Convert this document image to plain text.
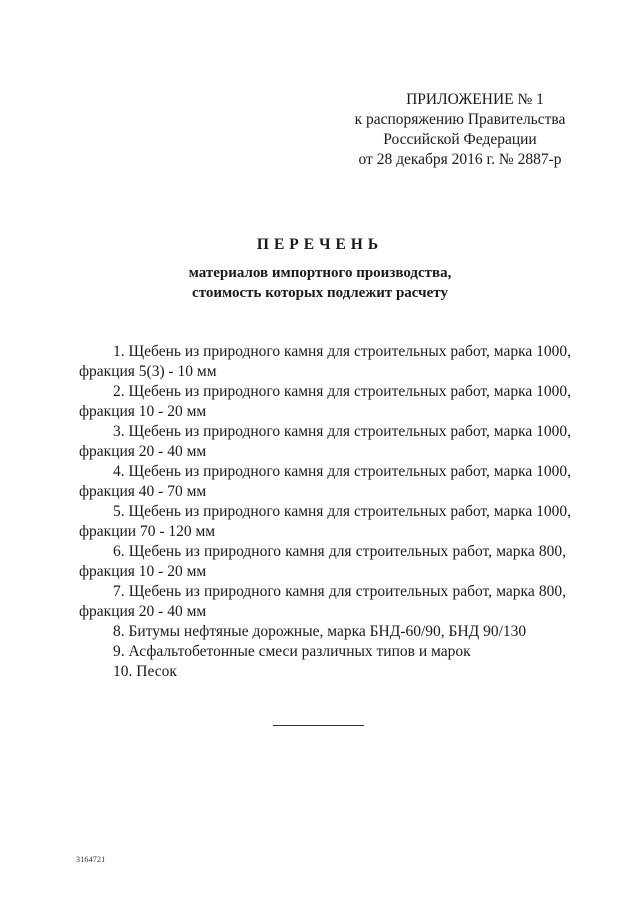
ПРИЛОЖЕНИЕ № 1
к распоряжению Правительства
Российской Федерации
от 28 декабря 2016 г. № 2887-р
ПЕРЕЧЕНЬ
материалов импортного производства,
стоимость которых подлежит расчету
1. Щебень из природного камня для строительных работ, марка 1000,
фракция 5(3) - 10 мм
2. Щебень из природного камня для строительных работ, марка 1000,
фракция 10 - 20 мм
3. Щебень из природного камня для строительных работ, марка 1000,
фракция 20 - 40 мм
4. Щебень из природного камня для строительных работ, марка 1000,
фракция 40 - 70 мм
5. Щебень из природного камня для строительных работ, марка 1000,
фракции 70 - 120 мм
6. Щебень из природного камня для строительных работ, марка 800,
фракция 10 - 20 мм
7. Щебень из природного камня для строительных работ, марка 800,
фракция 20 - 40 мм
8. Битумы нефтяные дорожные, марка БНД-60/90, БНД 90/130
9. Асфальтобетонные смеси различных типов и марок
10. Песок
3164721
